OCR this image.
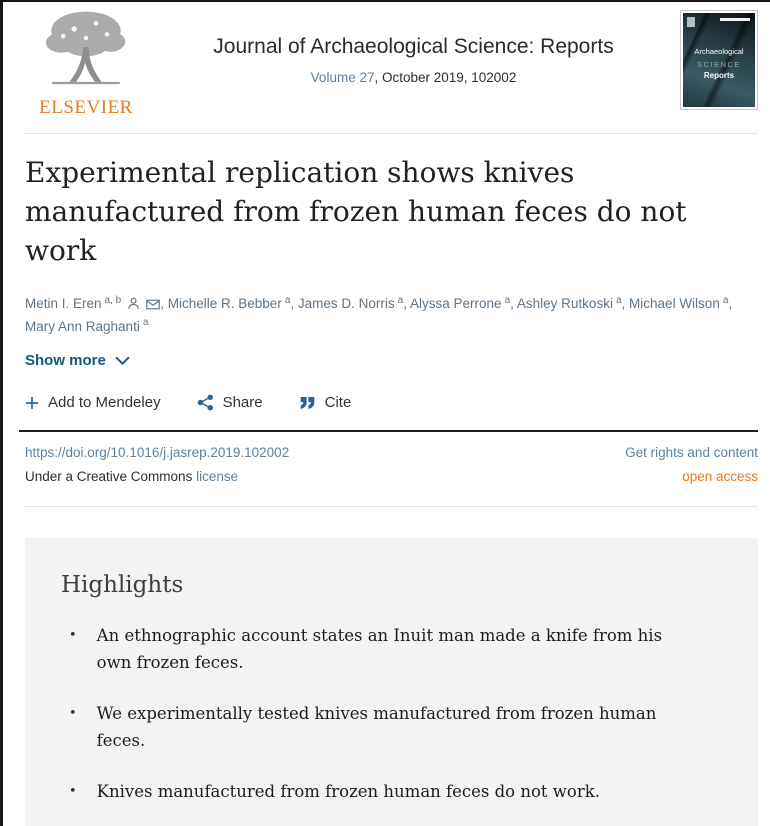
ELSEVIER
Journal of Archaeological Science: Reports
Volume 27, October 2019, 102002
Archaeological
SCIENCE
Reports
Experimental replication shows knives manufactured from frozen human feces do not work

Metin I. Eren $^{a, b}$	, Michelle R. Bebber $^a$, James D. Norris $^a$, Alyssa Perrone $^a$, Ashley Rutkoski $^a$, Michael Wilson $^a$, Mary Ann Raghanti $^a$

Show more
Add to Mendeley	Share	Cite
https://doi.org/10.1016/j.jasrep.2019.102002	Get rights and content
Under a Creative Commons license	open access
Highlights
• An ethnographic account states an Inuit man made a knife from his own frozen feces.
• We experimentally tested knives manufactured from frozen human feces.
• Knives manufactured from frozen human feces do not work.
